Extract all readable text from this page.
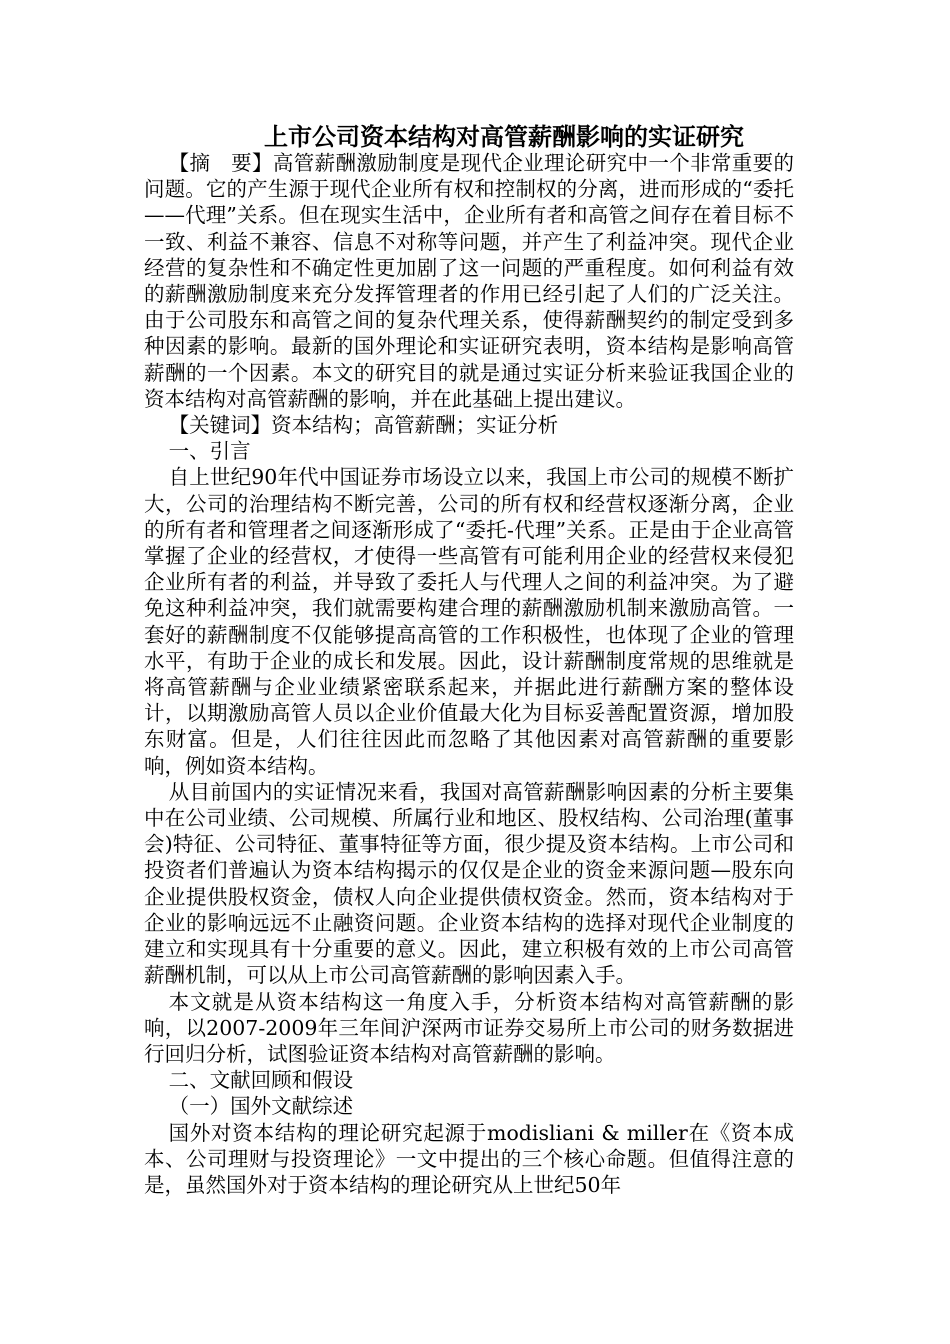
上市公司资本结构对高管薪酬影响的实证研究

【摘　要】高管薪酬激励制度是现代企业理论研究中一个非常重要的问题。它的产生源于现代企业所有权和控制权的分离，进而形成的“委托——代理”关系。但在现实生活中，企业所有者和高管之间存在着目标不一致、利益不兼容、信息不对称等问题，并产生了利益冲突。现代企业经营的复杂性和不确定性更加剧了这一问题的严重程度。如何利益有效的薪酬激励制度来充分发挥管理者的作用已经引起了人们的广泛关注。由于公司股东和高管之间的复杂代理关系，使得薪酬契约的制定受到多种因素的影响。最新的国外理论和实证研究表明，资本结构是影响高管薪酬的一个因素。本文的研究目的就是通过实证分析来验证我国企业的资本结构对高管薪酬的影响，并在此基础上提出建议。

【关键词】资本结构；高管薪酬；实证分析

一、引言

自上世纪90年代中国证券市场设立以来，我国上市公司的规模不断扩大，公司的治理结构不断完善，公司的所有权和经营权逐渐分离，企业的所有者和管理者之间逐渐形成了“委托-代理”关系。正是由于企业高管掌握了企业的经营权，才使得一些高管有可能利用企业的经营权来侵犯企业所有者的利益，并导致了委托人与代理人之间的利益冲突。为了避免这种利益冲突，我们就需要构建合理的薪酬激励机制来激励高管。一套好的薪酬制度不仅能够提高高管的工作积极性，也体现了企业的管理水平，有助于企业的成长和发展。因此，设计薪酬制度常规的思维就是将高管薪酬与企业业绩紧密联系起来，并据此进行薪酬方案的整体设计，以期激励高管人员以企业价值最大化为目标妥善配置资源，增加股东财富。但是，人们往往因此而忽略了其他因素对高管薪酬的重要影响，例如资本结构。

从目前国内的实证情况来看，我国对高管薪酬影响因素的分析主要集中在公司业绩、公司规模、所属行业和地区、股权结构、公司治理(董事会)特征、公司特征、董事特征等方面，很少提及资本结构。上市公司和投资者们普遍认为资本结构揭示的仅仅是企业的资金来源问题—股东向企业提供股权资金，债权人向企业提供债权资金。然而，资本结构对于企业的影响远远不止融资问题。企业资本结构的选择对现代企业制度的建立和实现具有十分重要的意义。因此，建立积极有效的上市公司高管薪酬机制，可以从上市公司高管薪酬的影响因素入手。

本文就是从资本结构这一角度入手，分析资本结构对高管薪酬的影响，以2007-2009年三年间沪深两市证券交易所上市公司的财务数据进行回归分析，试图验证资本结构对高管薪酬的影响。

二、文献回顾和假设

（一）国外文献综述

国外对资本结构的理论研究起源于modisliani & miller在《资本成本、公司理财与投资理论》一文中提出的三个核心命题。但值得注意的是，虽然国外对于资本结构的理论研究从上世纪50年
